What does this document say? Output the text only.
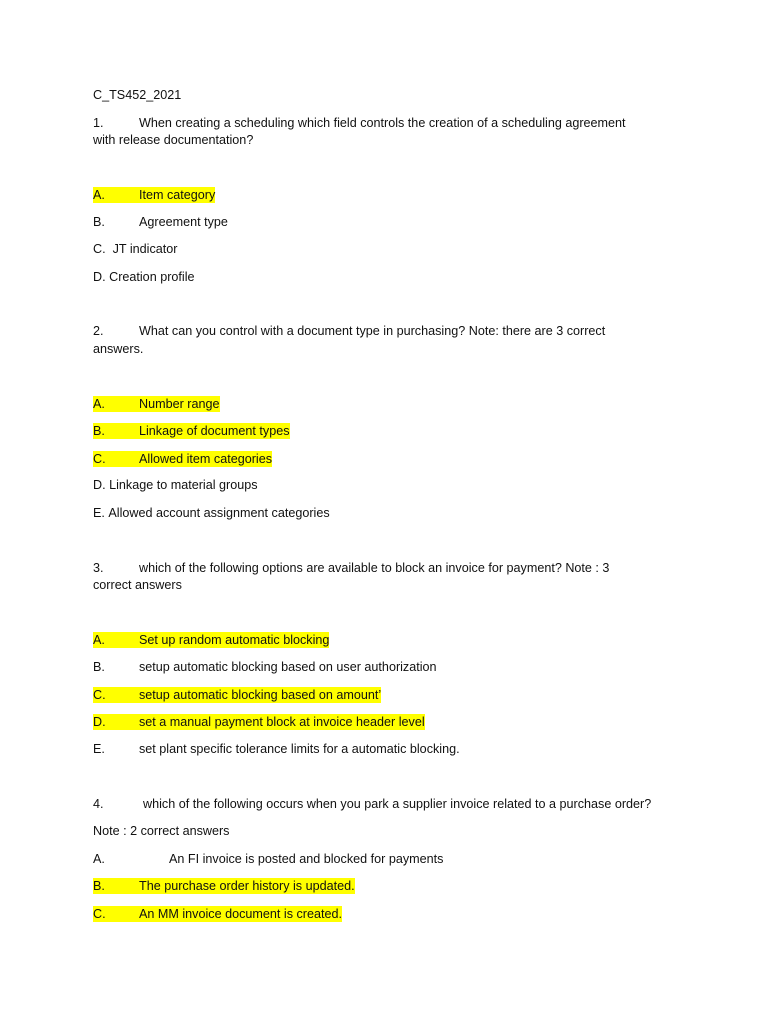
C_TS452_2021
1.	When creating a scheduling which field controls the creation of a scheduling agreement
with release documentation?
A.	Item category
B.	Agreement type
C. JT indicator
D. Creation profile
2.	What can you control with a document type in purchasing? Note: there are 3 correct
answers.
A.	Number range
B.	Linkage of document types
C.	Allowed item categories
D. Linkage to material groups
E. Allowed account assignment categories
3.	which of the following options are available to block an invoice for payment? Note : 3
correct answers
A.	Set up random automatic blocking
B.	setup automatic blocking based on user authorization
C.	setup automatic blocking based on amount’
D.	set a manual payment block at invoice header level
E.	set plant specific tolerance limits for a automatic blocking.
4.	which of the following occurs when you park a supplier invoice related to a purchase order?
Note : 2 correct answers
A.	An FI invoice is posted and blocked for payments
B.	The purchase order history is updated.
C.	An MM invoice document is created.
